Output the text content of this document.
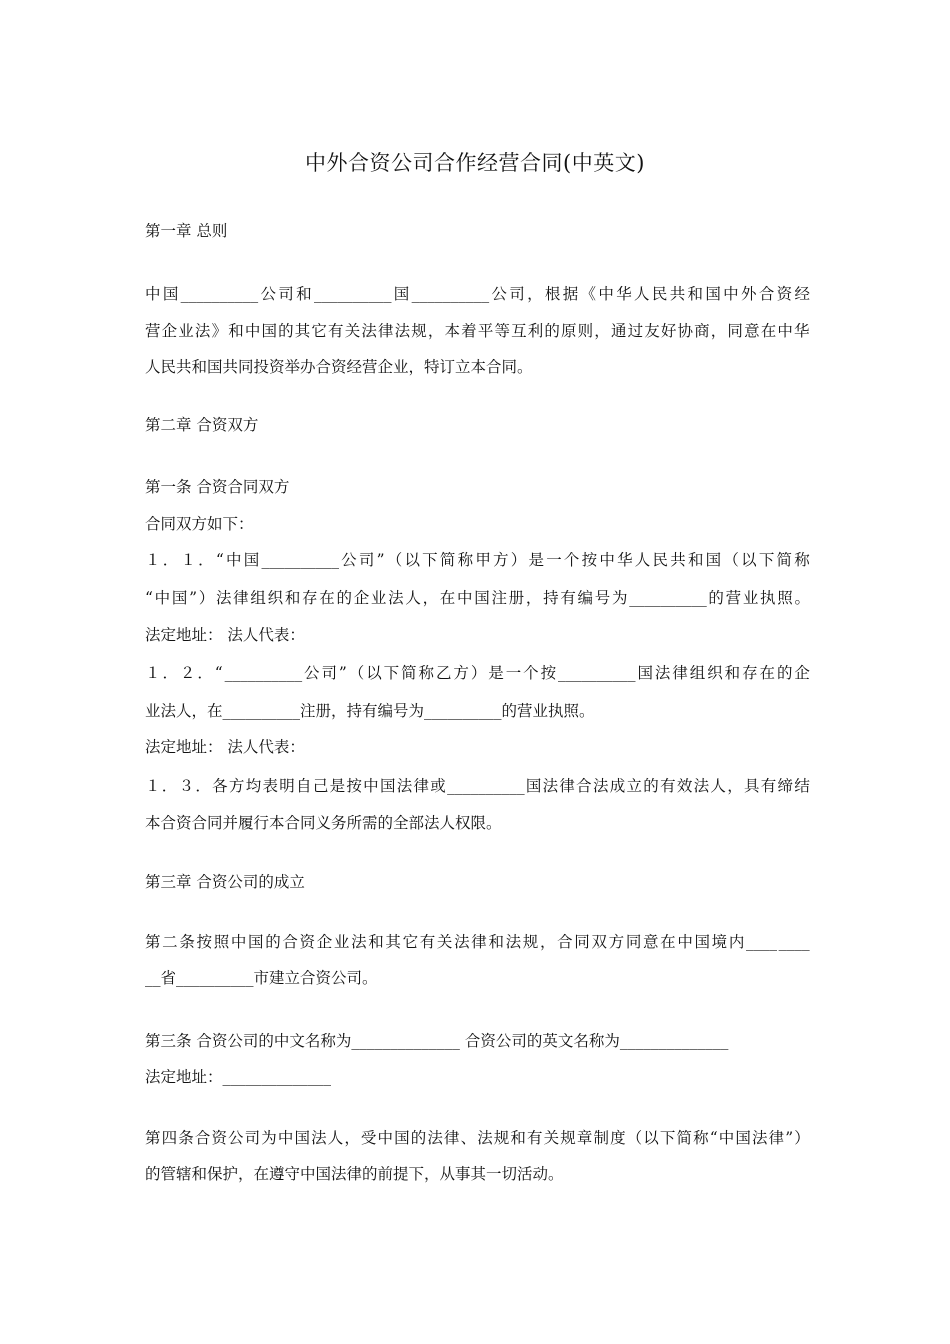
中外合资公司合作经营合同(中英文)
第一章 总则
中 国 __________ 公 司 和 __________ 国 __________ 公 司 ， 根 据 《 中 华 人 民 共 和 国 中 外 合 资 经
营 企 业 法 》 和 中 国 的 其 它 有 关 法 律 法 规 ， 本 着 平 等 互 利 的 原 则 ， 通 过 友 好 协 商 ， 同 意 在 中 华
人民共和国共同投资举办合资经营企业，特订立本合同。
第二章 合资双方
第一条 合资合同双方
合同双方如下：
１ ． １ ． “ 中 国 __________ 公 司 ” （ 以 下 简 称 甲 方 ） 是 一 个 按 中 华 人 民 共 和 国 （ 以 下 简 称
“ 中 国 ” ） 法 律 组 织 和 存 在 的 企 业 法 人 ， 在 中 国 注 册 ， 持 有 编 号 为 __________ 的 营 业 执 照 。
法定地址： 法人代表：
１ ． ２ ． “ __________ 公 司 ” （ 以 下 简 称 乙 方 ） 是 一 个 按 __________ 国 法 律 组 织 和 存 在 的 企
业法人，在__________注册，持有编号为__________的营业执照。
法定地址： 法人代表：
１ ． ３ ． 各 方 均 表 明 自 己 是 按 中 国 法 律 或 __________ 国 法 律 合 法 成 立 的 有 效 法 人 ， 具 有 缔 结
本合资合同并履行本合同义务所需的全部法人权限。
第三章 合资公司的成立
第 二 条 按 照 中 国 的 合 资 企 业 法 和 其 它 有 关 法 律 和 法 规 ， 合 同 双 方 同 意 在 中 国 境 内 ____ ____
__省__________市建立合资公司。
第三条 合资公司的中文名称为______________ 合资公司的英文名称为______________
法定地址：______________
第 四 条 合 资 公 司 为 中 国 法 人 ， 受 中 国 的 法 律 、 法 规 和 有 关 规 章 制 度 （ 以 下 简 称 “ 中 国 法 律 ” ）
的管辖和保护，在遵守中国法律的前提下，从事其一切活动。
